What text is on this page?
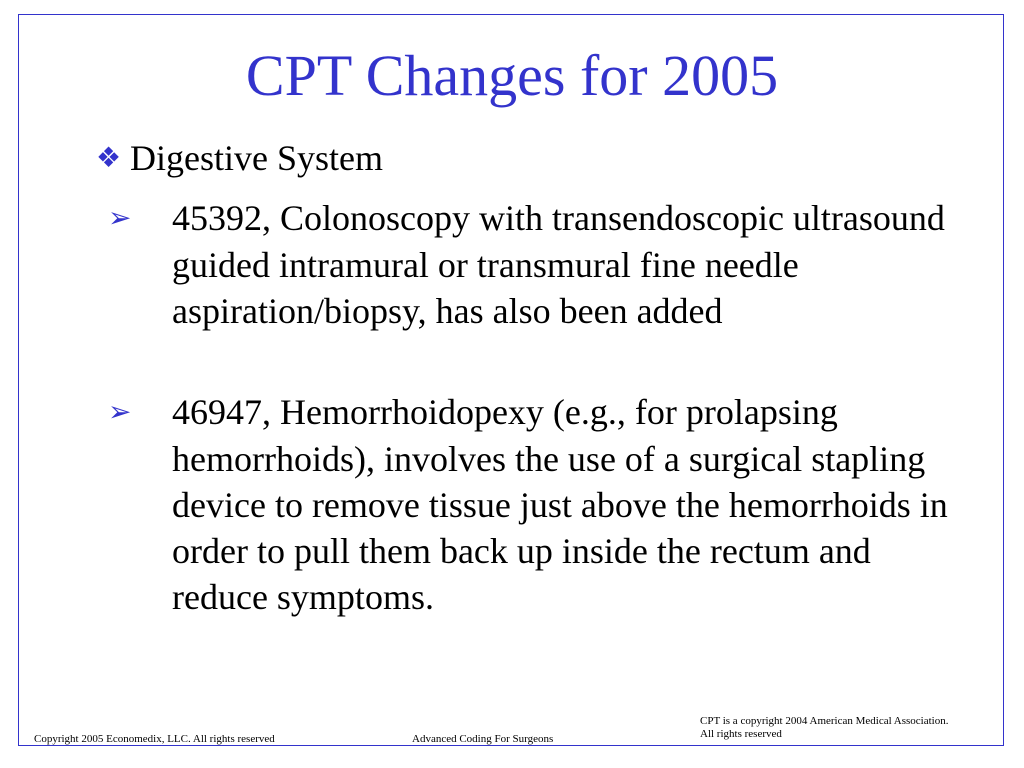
CPT Changes for 2005
❖ Digestive System
➢ 45392, Colonoscopy with transendoscopic ultrasound guided intramural or transmural fine needle aspiration/biopsy, has also been added
➢ 46947, Hemorrhoidopexy (e.g., for prolapsing hemorrhoids), involves the use of a surgical stapling device to remove tissue just above the hemorrhoids in order to pull them back up inside the rectum and reduce symptoms.
Copyright 2005 Economedix, LLC. All rights reserved	Advanced Coding For Surgeons
CPT is a copyright 2004 American Medical Association.
All rights reserved
